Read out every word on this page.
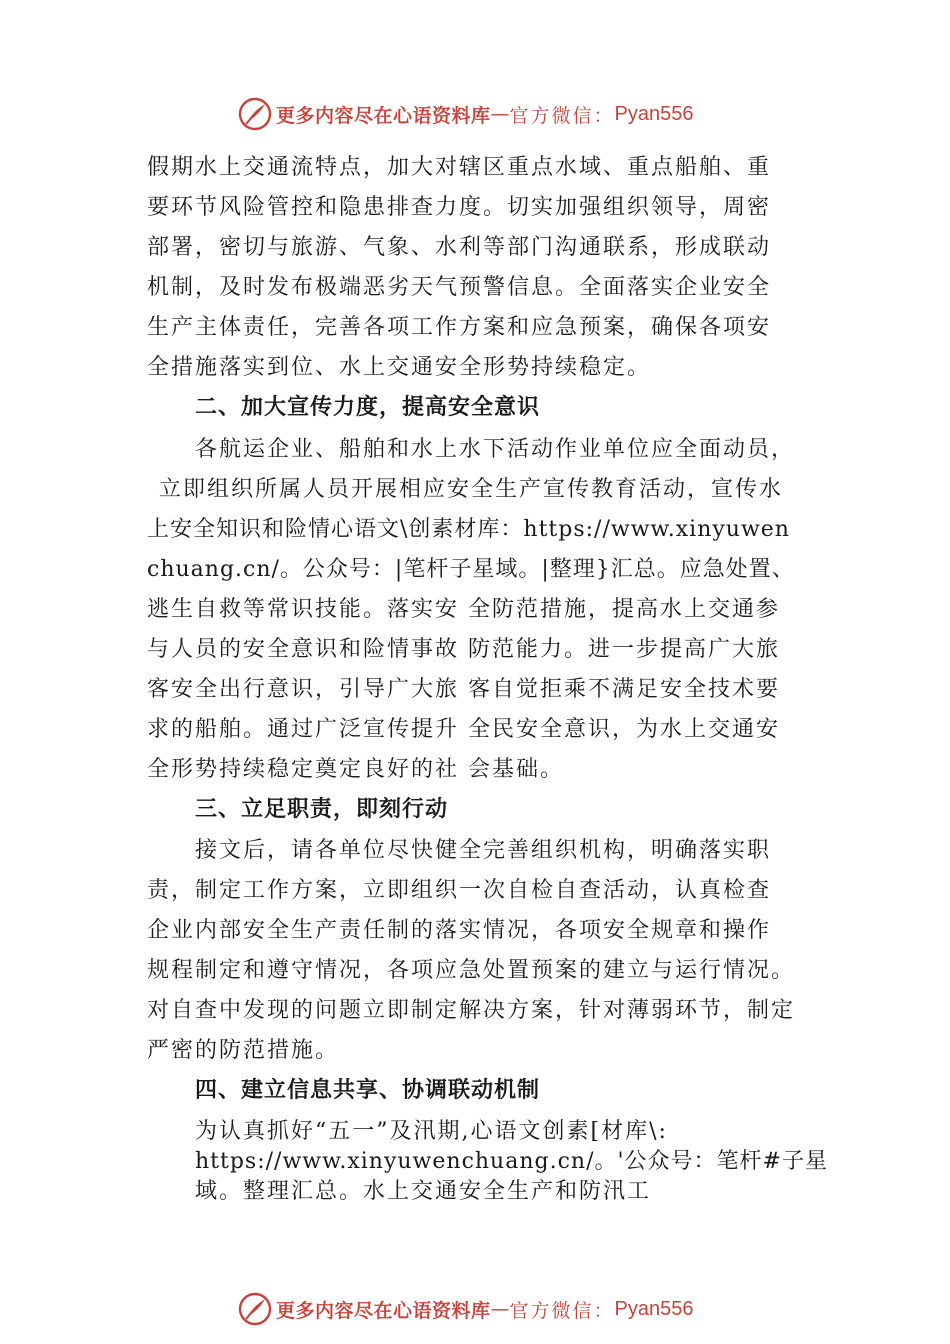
更多内容尽在心语资料库 — 官方微信： Pyan556
假期水上交通流特点，加大对辖区重点水域、重点船舶、重
要环节风险管控和隐患排查力度。切实加强组织领导，周密
部署，密切与旅游、气象、水利等部门沟通联系，形成联动
机制，及时发布极端恶劣天气预警信息。全面落实企业安全
生产主体责任，完善各项工作方案和应急预案，确保各项安
全措施落实到位、水上交通安全形势持续稳定。
二、加大宣传力度，提高安全意识
各航运企业、船舶和水上水下活动作业单位应全面动员，
立即组织所属人员开展相应安全生产宣传教育活动，宣传水
上安全知识和险情心语文\创素材库：https://www.xinyuwen
chuang.cn/。公众号：|笔杆子星域。|整理}汇总。应急处置、
逃生自救等常识技能。落实安 全防范措施，提高水上交通参
与人员的安全意识和险情事故 防范能力。进一步提高广大旅
客安全出行意识，引导广大旅 客自觉拒乘不满足安全技术要
求的船舶。通过广泛宣传提升 全民安全意识，为水上交通安
全形势持续稳定奠定良好的社 会基础。
三、立足职责，即刻行动
接文后，请各单位尽快健全完善组织机构，明确落实职
责，制定工作方案，立即组织一次自检自查活动，认真检查
企业内部安全生产责任制的落实情况，各项安全规章和操作
规程制定和遵守情况，各项应急处置预案的建立与运行情况。
对自查中发现的问题立即制定解决方案，针对薄弱环节，制定
严密的防范措施。
四、建立信息共享、协调联动机制
为认真抓好“五一”及汛期,心语文创素[材库\:
https://www.xinyuwenchuang.cn/。'公众号：笔杆#子星
域。整理汇总。水上交通安全生产和防汛工
更多内容尽在心语资料库 — 官方微信： Pyan556
